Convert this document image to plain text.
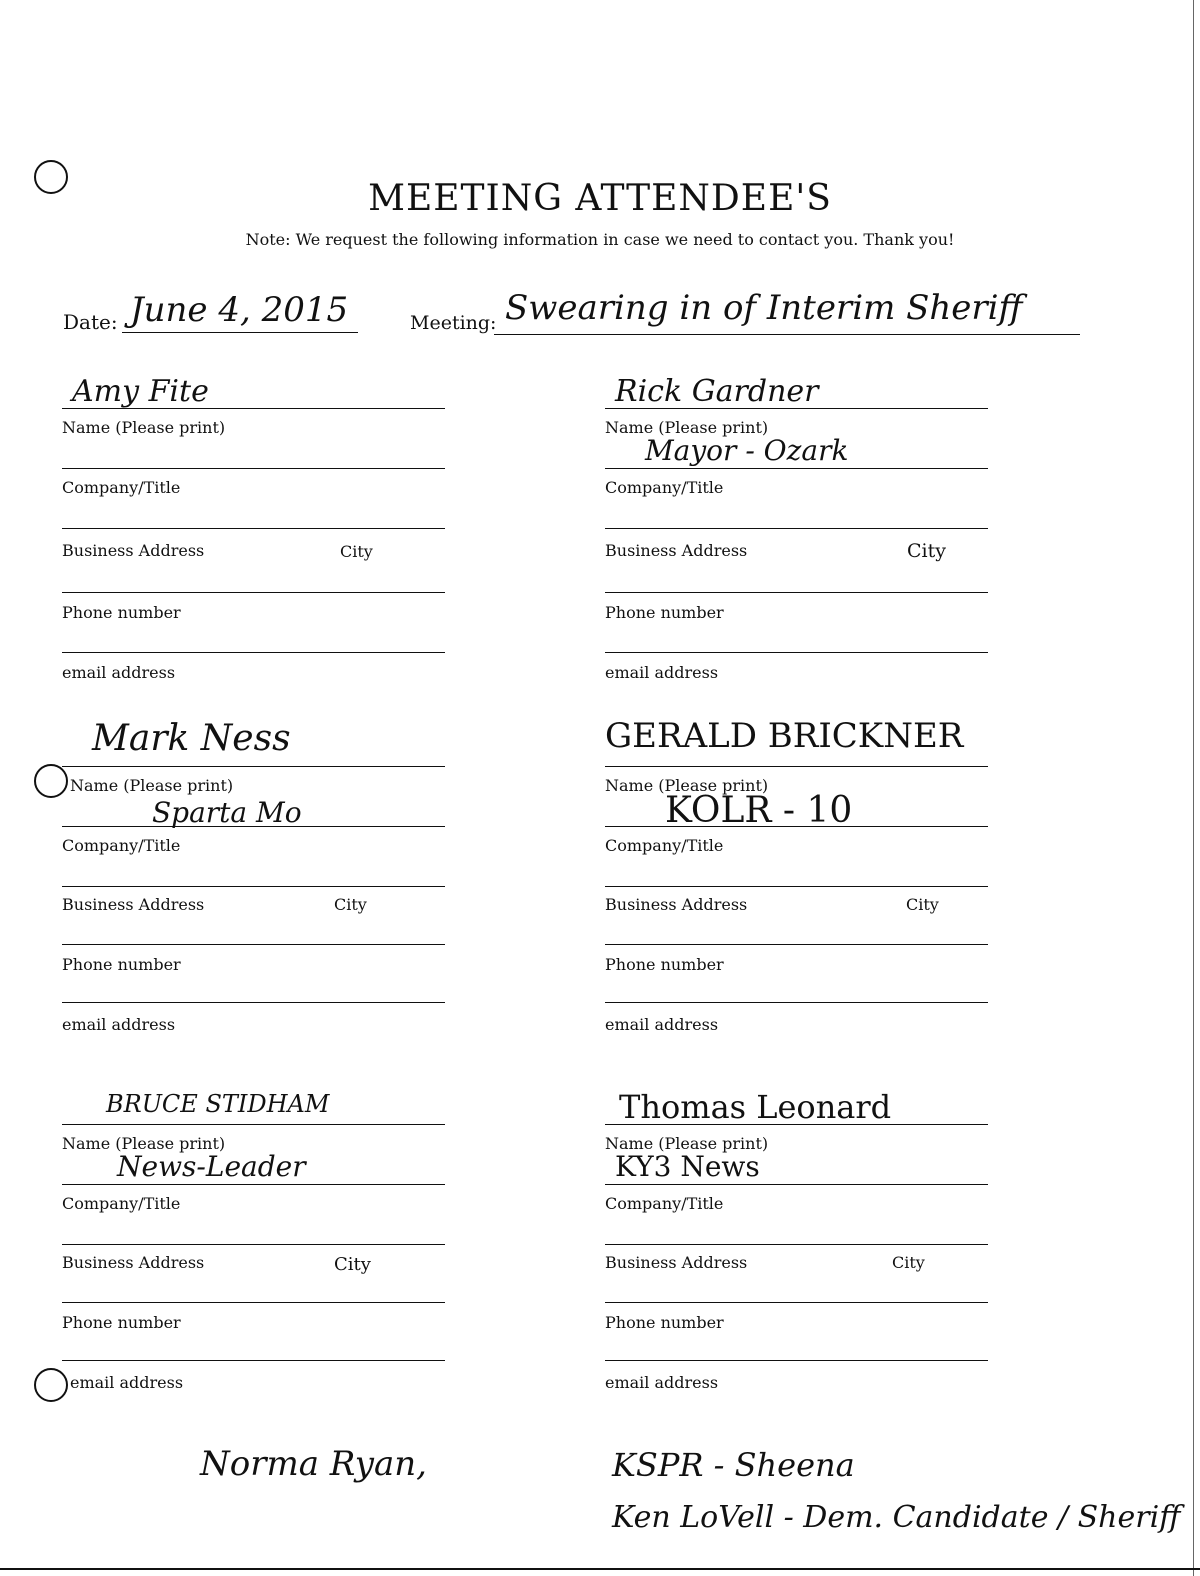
MEETING ATTENDEE'S
Note: We request the following information in case we need to contact you. Thank you!
Date: June 4, 2015	Meeting: Swearing in of Interim Sheriff
Amy Fite
Name (Please print)
Company/Title
Business Address	City
Phone number
email address
Rick Gardner
Name (Please print)
Mayor - Ozark
Company/Title
Business Address	City
Phone number
email address
Mark Ness
Name (Please print)
Sparta Mo
Company/Title
Business Address	City
Phone number
email address
GERALD BRICKNER
Name (Please print)
KOLR - 10
Company/Title
Business Address	City
Phone number
email address
BRUCE STIDHAM
Name (Please print)
News-Leader
Company/Title
Business Address	City
Phone number
email address
Thomas Leonard
Name (Please print)
KY3 News
Company/Title
Business Address	City
Phone number
email address
Norma Ryan,	KSPR - Sheena
Ken LoVell - Dem. Candidate / Sheriff
